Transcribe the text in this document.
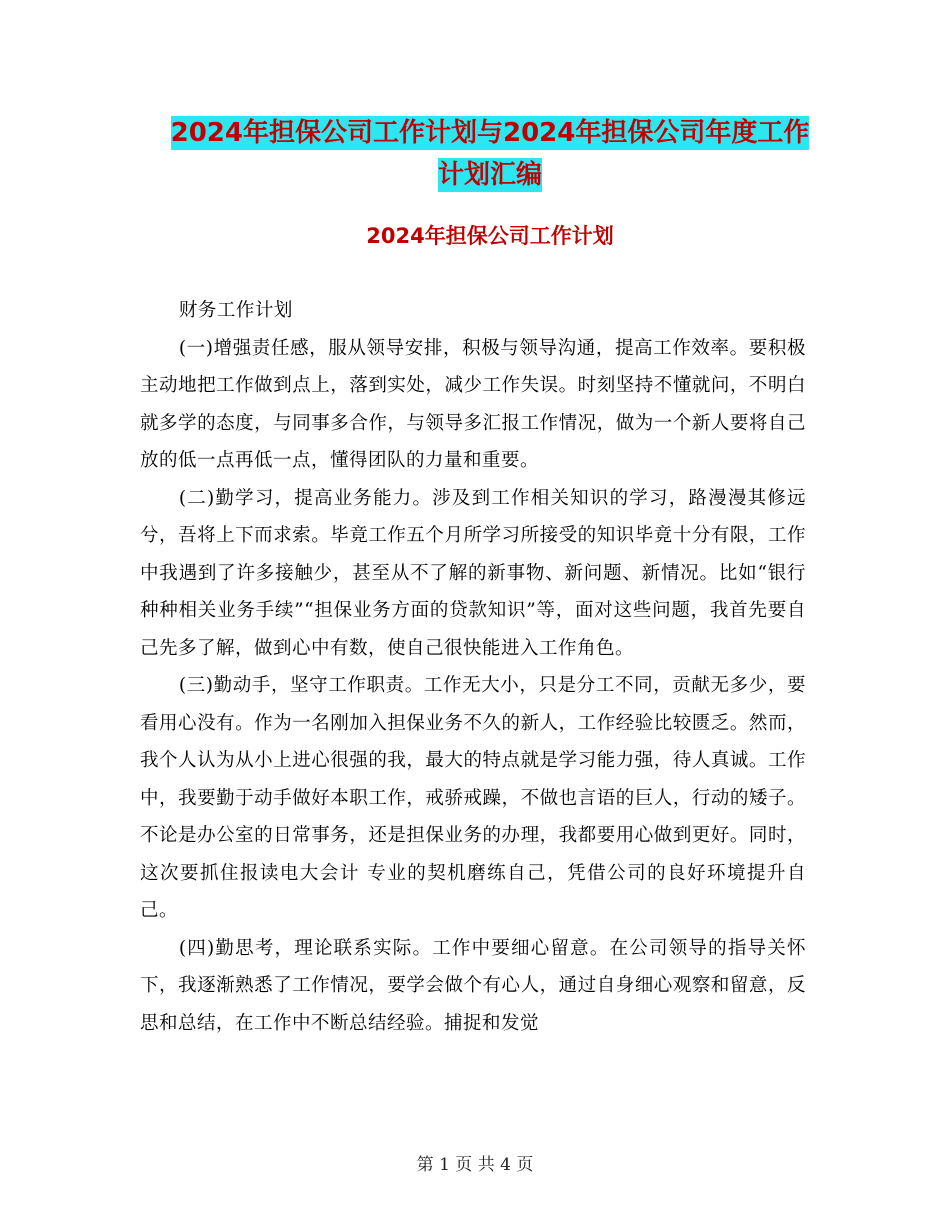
2024年担保公司工作计划与2024年担保公司年度工作
计划汇编
2024年担保公司工作计划

财务工作计划

(一)增强责任感，服从领导安排，积极与领导沟通，提高工作效率。要积极主动地把工作做到点上，落到实处，减少工作失误。时刻坚持不懂就问，不明白就多学的态度，与同事多合作，与领导多汇报工作情况，做为一个新人要将自己放的低一点再低一点，懂得团队的力量和重要。

(二)勤学习，提高业务能力。涉及到工作相关知识的学习，路漫漫其修远兮，吾将上下而求索。毕竟工作五个月所学习所接受的知识毕竟十分有限，工作中我遇到了许多接触少，甚至从不了解的新事物、新问题、新情况。比如“银行种种相关业务手续”“担保业务方面的贷款知识”等，面对这些问题，我首先要自己先多了解，做到心中有数，使自己很快能进入工作角色。

(三)勤动手，坚守工作职责。工作无大小，只是分工不同，贡献无多少，要看用心没有。作为一名刚加入担保业务不久的新人，工作经验比较匮乏。然而，我个人认为从小上进心很强的我，最大的特点就是学习能力强，待人真诚。工作中，我要勤于动手做好本职工作，戒骄戒躁，不做也言语的巨人，行动的矮子。不论是办公室的日常事务，还是担保业务的办理，我都要用心做到更好。同时，这次要抓住报读电大会计 专业的契机磨练自己，凭借公司的良好环境提升自己。

(四)勤思考，理论联系实际。工作中要细心留意。在公司领导的指导关怀下，我逐渐熟悉了工作情况，要学会做个有心人，通过自身细心观察和留意，反思和总结，在工作中不断总结经验。捕捉和发觉

第 1 页 共 4 页
